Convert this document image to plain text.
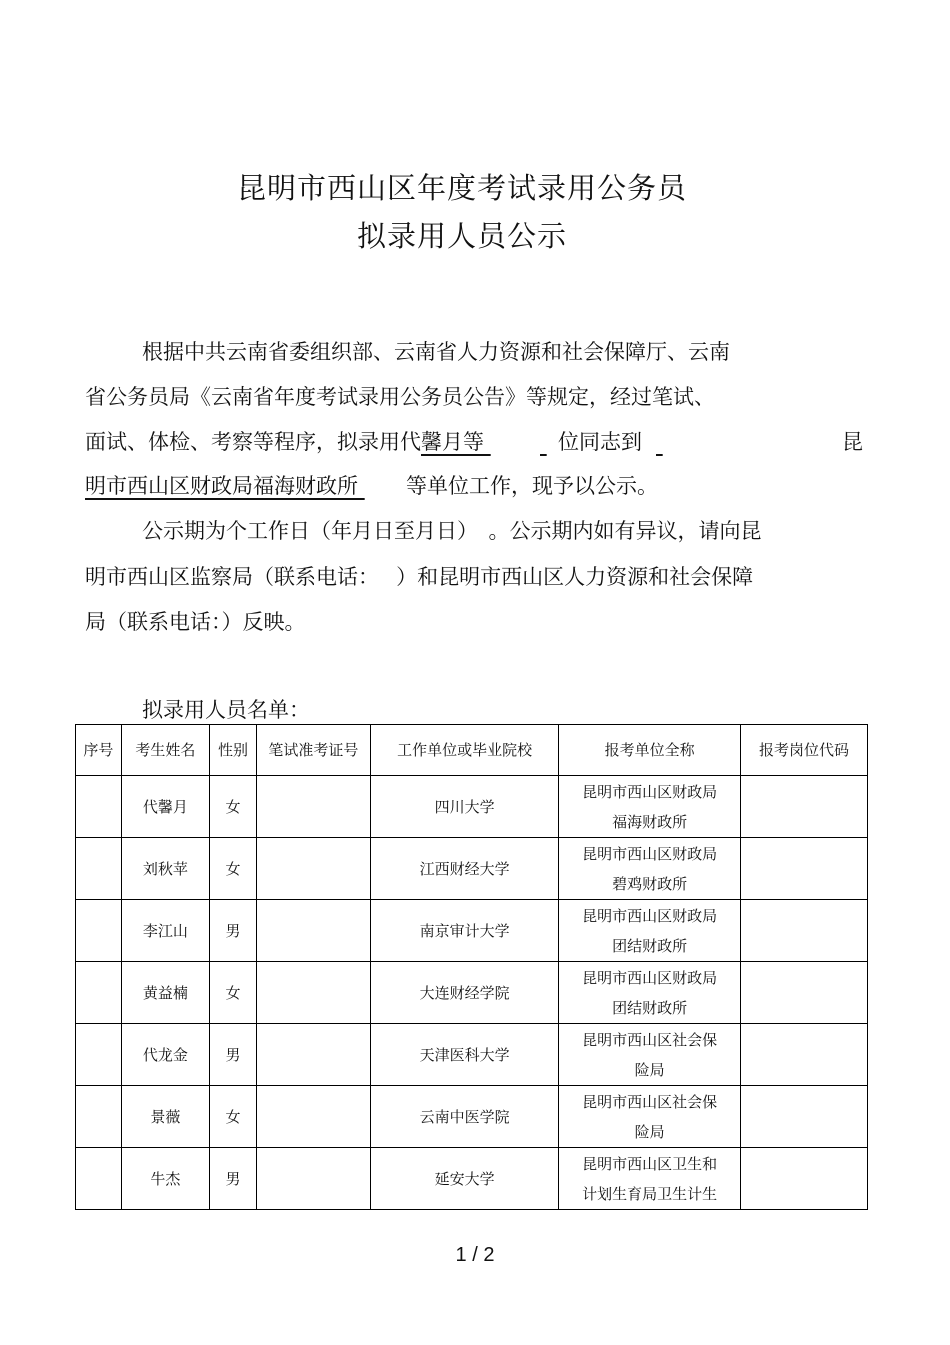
昆明市西山区年度考试录用公务员
拟录用人员公示
根据中共云南省委组织部、云南省人力资源和社会保障厅、云南
省公务员局《云南省年度考试录用公务员公告》等规定，经过笔试、
面试、体检、考察等程序，拟录用代馨月等	位同志到	昆
明市西山区财政局福海财政所 等单位工作，现予以公示。
公示期为个工作日（年月日至月日）　。公示期内如有异议，请向昆
明市西山区监察局（联系电话：　 ）和昆明市西山区人力资源和社会保障
局（联系电话：）反映。
拟录用人员名单：
序号	考生姓名	性别	笔试准考证号	工作单位或毕业院校	报考单位全称	报考岗位代码
	代馨月	女		四川大学	昆明市西山区财政局
福海财政所	
	刘秋苹	女		江西财经大学	昆明市西山区财政局
碧鸡财政所	
	李江山	男		南京审计大学	昆明市西山区财政局
团结财政所	
	黄益楠	女		大连财经学院	昆明市西山区财政局
团结财政所	
	代龙金	男		天津医科大学	昆明市西山区社会保
险局	
	景薇	女		云南中医学院	昆明市西山区社会保
险局	
	牛杰	男		延安大学	昆明市西山区卫生和
计划生育局卫生计生	
1 / 2
